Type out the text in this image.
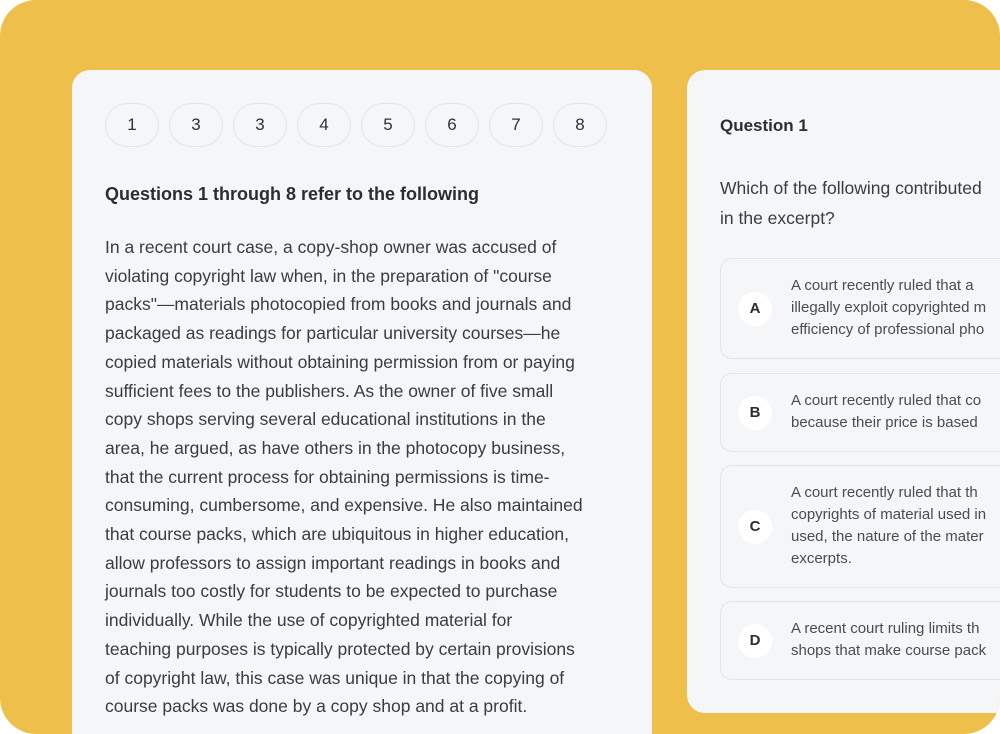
1	3	3	4	5	6	7	8
Questions 1 through 8 refer to the following
In a recent court case, a copy-shop owner was accused of
violating copyright law when, in the preparation of "course
packs"—materials photocopied from books and journals and
packaged as readings for particular university courses—he
copied materials without obtaining permission from or paying
sufficient fees to the publishers. As the owner of five small
copy shops serving several educational institutions in the
area, he argued, as have others in the photocopy business,
that the current process for obtaining permissions is time-
consuming, cumbersome, and expensive. He also maintained
that course packs, which are ubiquitous in higher education,
allow professors to assign important readings in books and
journals too costly for students to be expected to purchase
individually. While the use of copyrighted material for
teaching purposes is typically protected by certain provisions
of copyright law, this case was unique in that the copying of
course packs was done by a copy shop and at a profit.
Question 1
Which of the following contributed
in the excerpt?
A
A court recently ruled that a
illegally exploit copyrighted m
efficiency of professional pho
B
A court recently ruled that co
because their price is based
C
A court recently ruled that th
copyrights of material used in
used, the nature of the mater
excerpts.
D
A recent court ruling limits th
shops that make course pack
